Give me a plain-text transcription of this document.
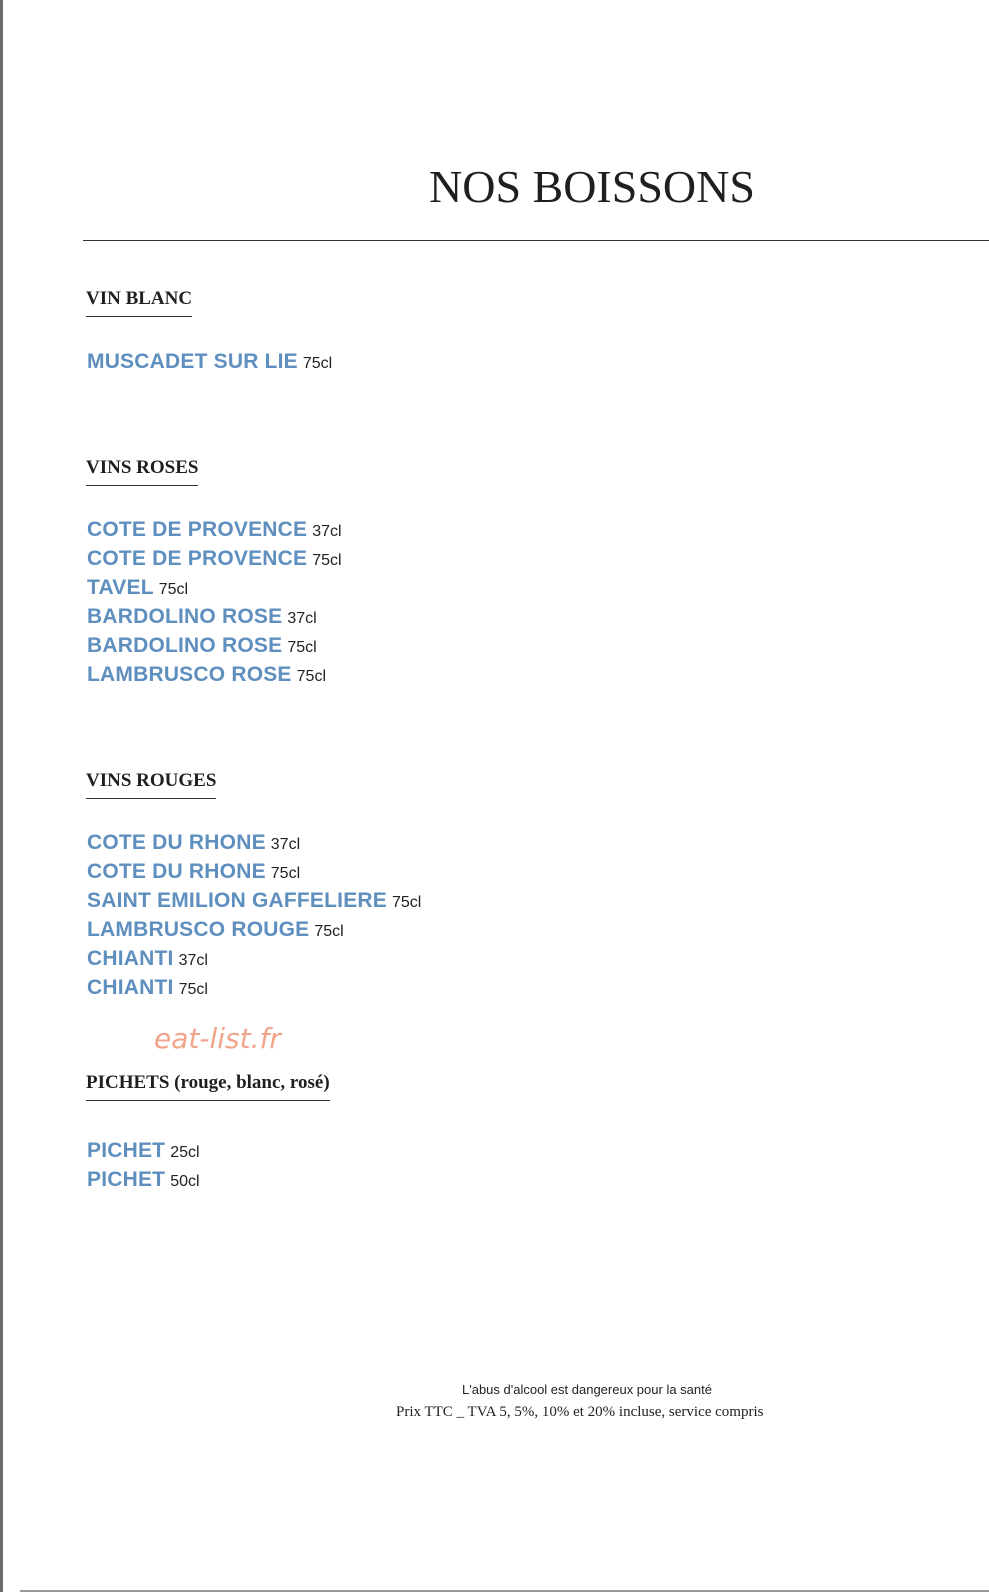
NOS BOISSONS
VIN BLANC
MUSCADET SUR LIE 75cl
VINS ROSES
COTE DE PROVENCE 37cl
COTE DE PROVENCE 75cl
TAVEL 75cl
BARDOLINO ROSE 37cl
BARDOLINO ROSE 75cl
LAMBRUSCO ROSE 75cl
VINS ROUGES
COTE DU RHONE 37cl
COTE DU RHONE 75cl
SAINT EMILION GAFFELIERE 75cl
LAMBRUSCO ROUGE 75cl
CHIANTI 37cl
CHIANTI 75cl
eat-list.fr
PICHETS (rouge, blanc, rosé)
PICHET 25cl
PICHET 50cl
L'abus d'alcool est dangereux pour la santé
Prix TTC _ TVA 5, 5%, 10% et 20% incluse, service compris
